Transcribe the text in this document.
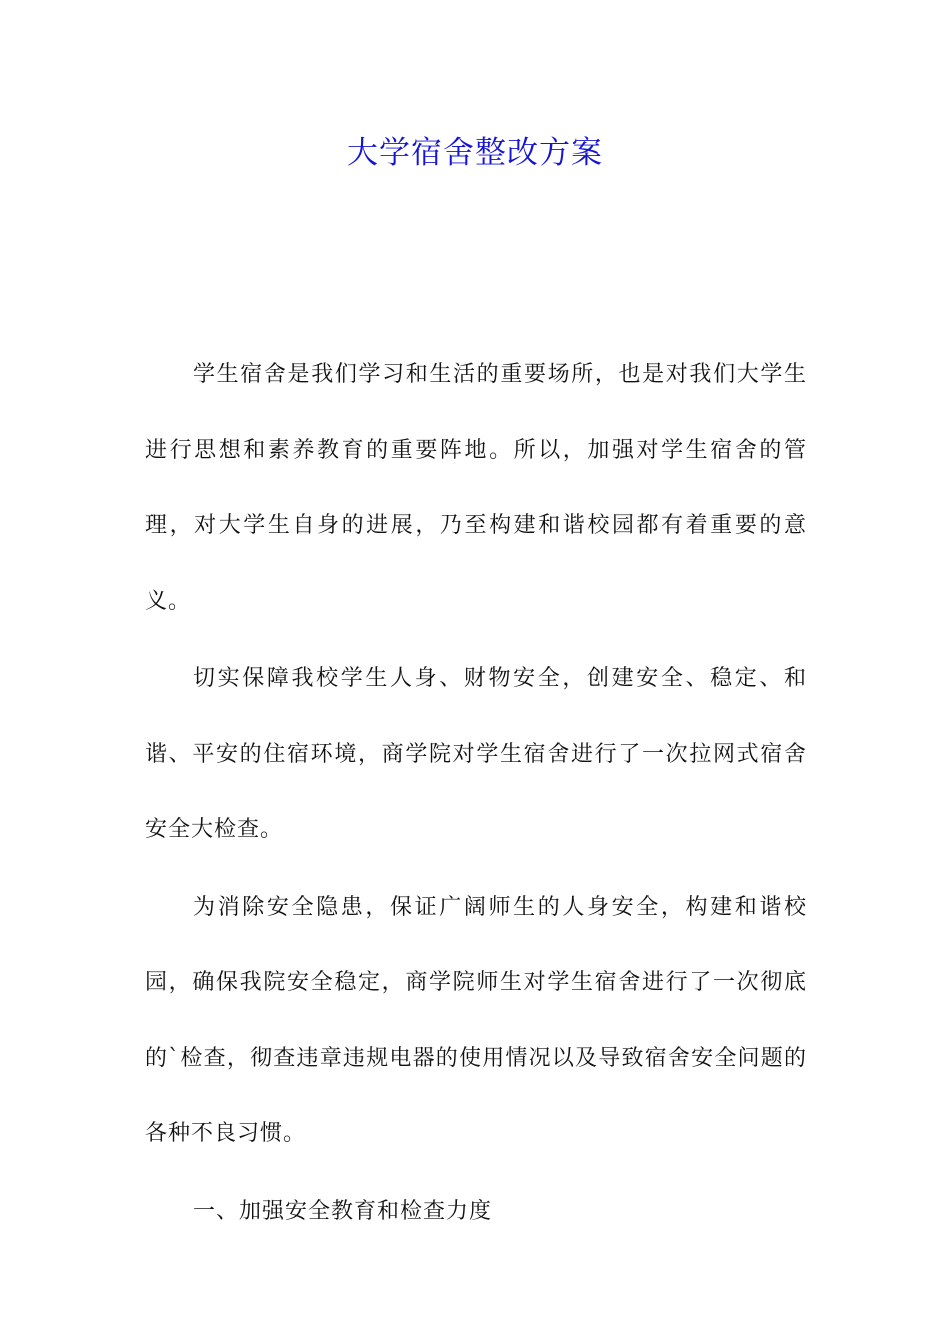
大学宿舍整改方案

学生宿舍是我们学习和生活的重要场所，也是对我们大学生进行思想和素养教育的重要阵地。所以，加强对学生宿舍的管理，对大学生自身的进展，乃至构建和谐校园都有着重要的意义。

切实保障我校学生人身、财物安全，创建安全、稳定、和谐、平安的住宿环境，商学院对学生宿舍进行了一次拉网式宿舍安全大检查。

为消除安全隐患，保证广阔师生的人身安全，构建和谐校园，确保我院安全稳定，商学院师生对学生宿舍进行了一次彻底的`检查，彻查违章违规电器的使用情况以及导致宿舍安全问题的各种不良习惯。

一、加强安全教育和检查力度
